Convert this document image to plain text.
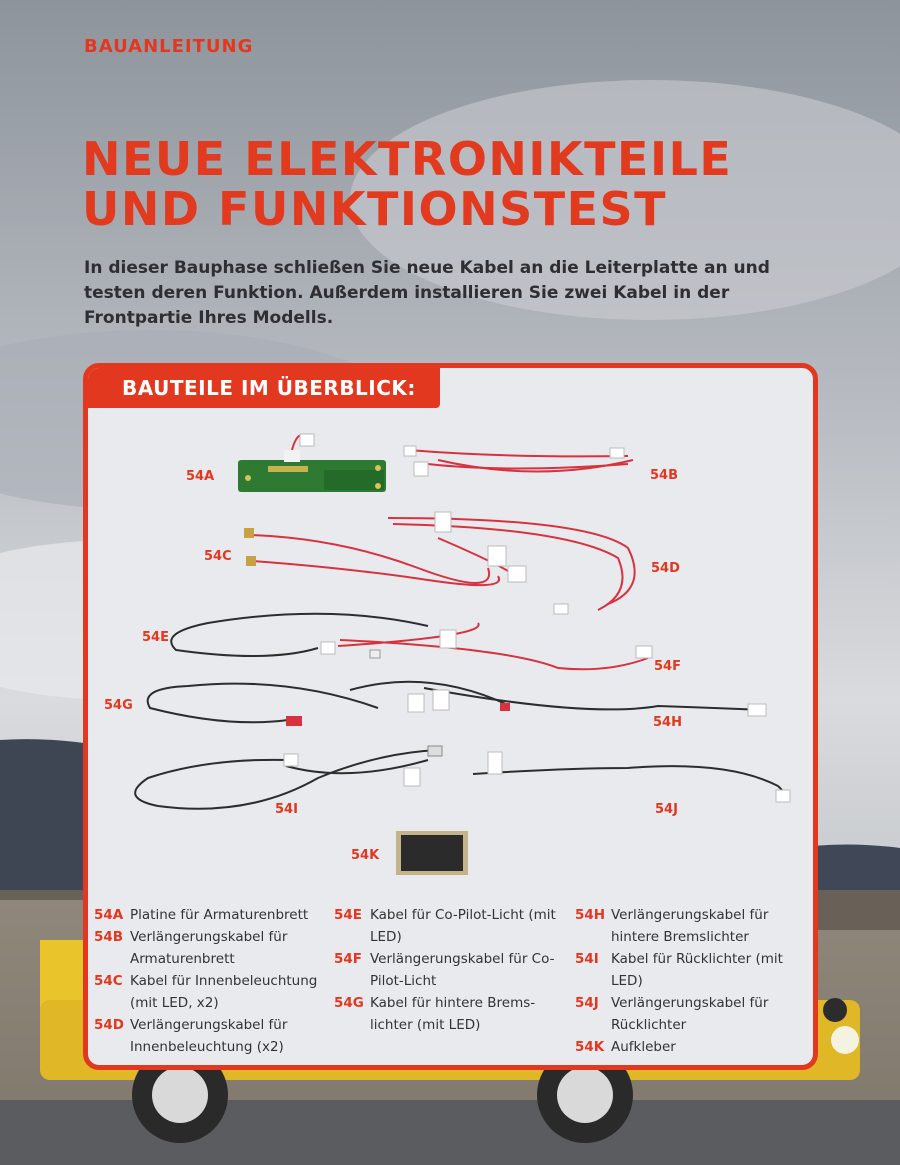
BAUANLEITUNG
NEUE ELEKTRONIKTEILE
UND FUNKTIONSTEST
In dieser Bauphase schließen Sie neue Kabel an die Leiterplatte an und testen deren Funktion. Außerdem installieren Sie zwei Kabel in der Frontpartie Ihres Modells.
BAUTEILE IM ÜBERBLICK:
54A	54B
54C
54D
54E
54F
54G
54H
54I	54J
54K
54A Platine für Armaturenbrett
54B Verlängerungskabel für Armaturenbrett
54C Kabel für Innenbeleuchtung (mit LED, x2)
54D Verlängerungskabel für Innenbeleuchtung (x2)
54E Kabel für Co-Pilot-Licht (mit LED)
54F Verlängerungskabel für Co-Pilot-Licht
54G Kabel für hintere Bremslichter (mit LED)
54H Verlängerungskabel für hintere Bremslichter
54I Kabel für Rücklichter (mit LED)
54J Verlängerungskabel für Rücklichter
54K Aufkleber
